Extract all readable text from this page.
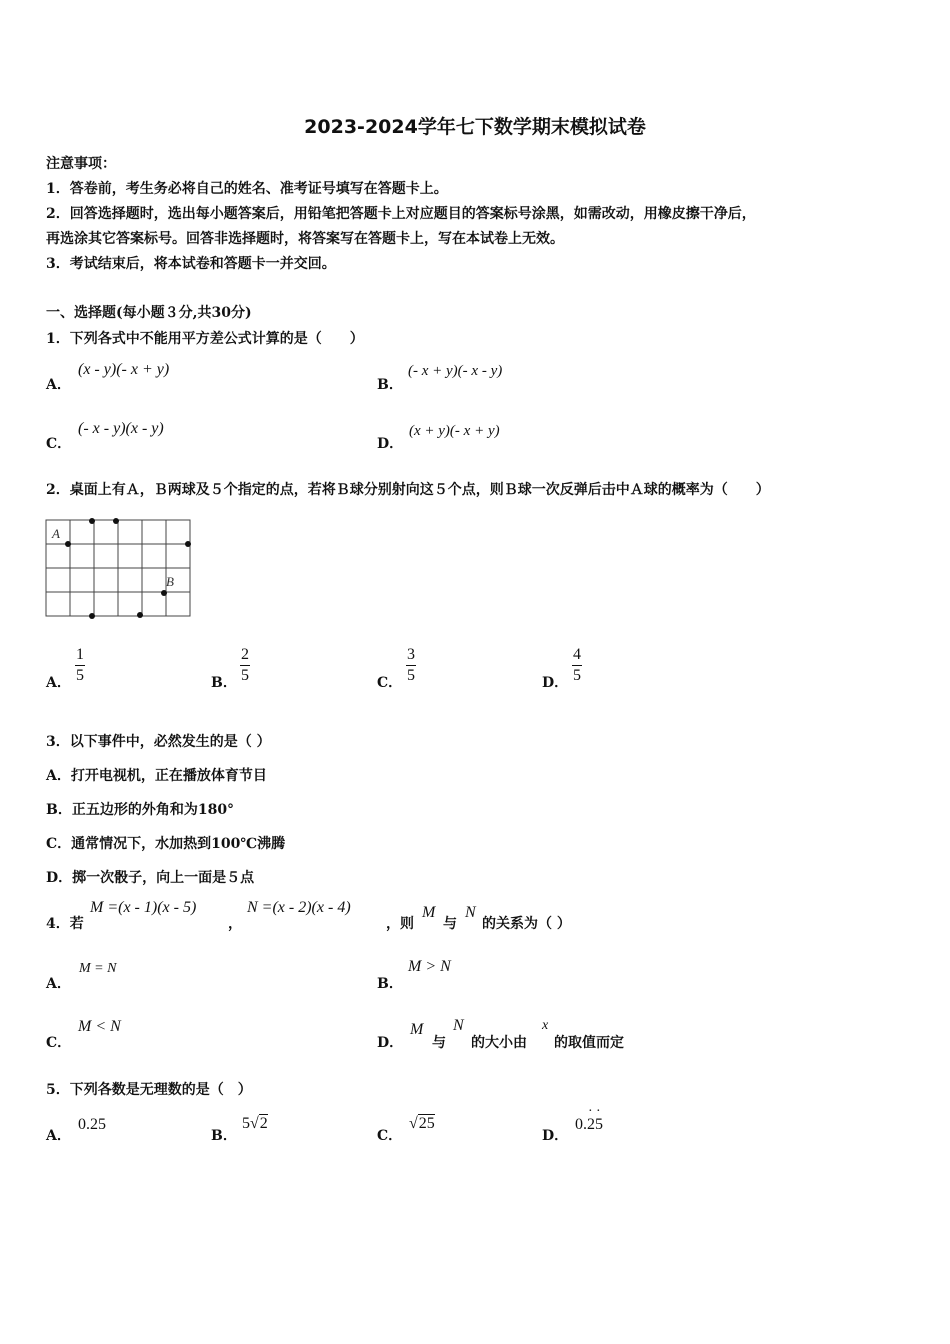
2023-2024学年七下数学期末模拟试卷
注意事项：
1．答卷前，考生务必将自己的姓名、准考证号填写在答题卡上。
2．回答选择题时，选出每小题答案后，用铅笔把答题卡上对应题目的答案标号涂黑，如需改动，用橡皮擦干净后，
再选涂其它答案标号。回答非选择题时，将答案写在答题卡上，写在本试卷上无效。
3．考试结束后，将本试卷和答题卡一并交回。
一、选择题(每小题３分,共30分)
1．下列各式中不能用平方差公式计算的是（　　）
A．
(x - y)(- x + y)
B．
(- x + y)(- x - y)
C．
(- x - y)(x - y)
D．
(x + y)(- x + y)
2．桌面上有Ａ，Ｂ两球及５个指定的点，若将Ｂ球分别射向这５个点，则Ｂ球一次反弹后击中Ａ球的概率为（　　）
A
B
A． $\frac{1}{5}$	B． $\frac{2}{5}$	C． $\frac{3}{5}$	D． $\frac{4}{5}$
3．以下事件中，必然发生的是（ ）
A．打开电视机，正在播放体育节目
B．正五边形的外角和为180°
C．通常情况下，水加热到100℃沸腾
D．掷一次骰子，向上一面是５点
4．若
M =(x - 1)(x - 5)
，
N =(x - 2)(x - 4)
，则
M
与
N
的关系为（ ）
A．
M = N
B．
M > N
C．
M < N
D．
M
与
N
的大小由
x
的取值而定
5．下列各数是无理数的是（　）
A．
0.25
B．
5√2
C．
√25
D．
0.· 2· 5
